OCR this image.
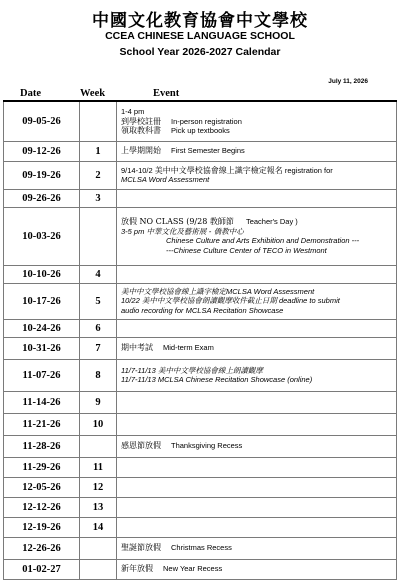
中國文化教育協會中文學校
CCEA CHINESE LANGUAGE SCHOOL
School Year 2026-2027 Calendar
July 11, 2026
Date	Week	Event
09-05-26		1-4 pm
到學校註冊 In-person registration
領取教科書 Pick up textbooks

09-12-26	1	上學期開始 First Semester Begins

09-19-26	2	9/14-10/2 美中中文學校協會線上識字檢定報名 registration for
MCLSA Word Assessment

09-26-26	3	
10-03-26		放假 NO CLASS (9/28 教師節 Teacher's Day )
3-5 pm 中華文化及藝術展 - 僑教中心
Chinese Culture and Arts Exhibition and Demonstration ---
---Chinese Culture Center of TECO in Westmont

10-10-26	4	
10-17-26	5	美中中文學校協會線上識字檢定MCLSA Word Assessment
10/22 美中中文學校協會朗讀觀摩收件截止日期 deadline to submit
audio recording for MCLSA Recitation Showcase

10-24-26	6	
10-31-26	7	期中考試 Mid-term Exam

11-07-26	8	11/7-11/13 美中中文學校協會線上朗讀觀摩
11/7-11/13 MCLSA Chinese Recitation Showcase (online)

11-14-26	9	
11-21-26	10	
11-28-26		感恩節放假 Thanksgiving Recess

11-29-26	11	
12-05-26	12	
12-12-26	13	
12-19-26	14	
12-26-26		聖誕節放假 Christmas Recess

01-02-27		新年放假 New Year Recess
